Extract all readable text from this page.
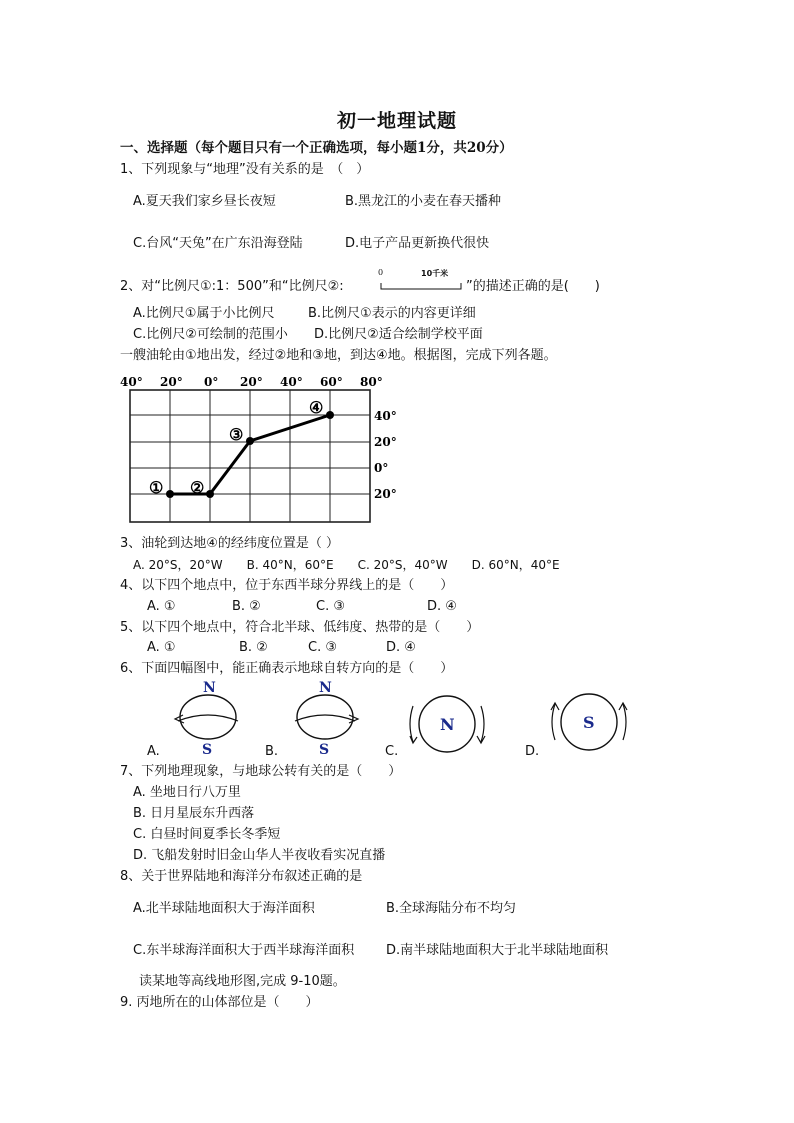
初一地理试题
一、选择题（每个题目只有一个正确选项，每小题1分，共20分）
1、下列现象与“地理”没有关系的是　（　）
A.夏天我们家乡昼长夜短	B.黑龙江的小麦在春天播种
C.台风“天兔”在广东沿海登陆	D.电子产品更新换代很快
2、对“比例尺①:1：500”和“比例尺②:
0	10千米
”的描述正确的是(　　)
A.比例尺①属于小比例尺	B.比例尺①表示的内容更详细
C.比例尺②可绘制的范围小 D.比例尺②适合绘制学校平面
一艘油轮由①地出发，经过②地和③地，到达④地。根据图，完成下列各题。
40° 20° 0° 20° 40° 60° 80°
40°
20°
0°
20°
① ②
③
④
3、油轮到达地④的经纬度位置是（ ）
A. 20°S，20°W　　B. 40°N，60°E　　C. 20°S，40°W　　D. 60°N，40°E
4、以下四个地点中，位于东西半球分界线上的是（　　）
A. ①	B. ②	C. ③	D. ④
5、以下四个地点中，符合北半球、低纬度、热带的是（　　）
A. ①	B. ②	C. ③	D. ④
6、下面四幅图中，能正确表示地球自转方向的是（　　）
N
S
A.
N
S
B.
N
C.
S
D.
7、下列地理现象，与地球公转有关的是（　　）
A. 坐地日行八万里
B. 日月星辰东升西落
C. 白昼时间夏季长冬季短
D. 飞船发射时旧金山华人半夜收看实况直播
8、关于世界陆地和海洋分布叙述正确的是
A.北半球陆地面积大于海洋面积	B.全球海陆分布不均匀
C.东半球海洋面积大于西半球海洋面积 D.南半球陆地面积大于北半球陆地面积
读某地等高线地形图,完成 9-10题。
9. 丙地所在的山体部位是（　　）
